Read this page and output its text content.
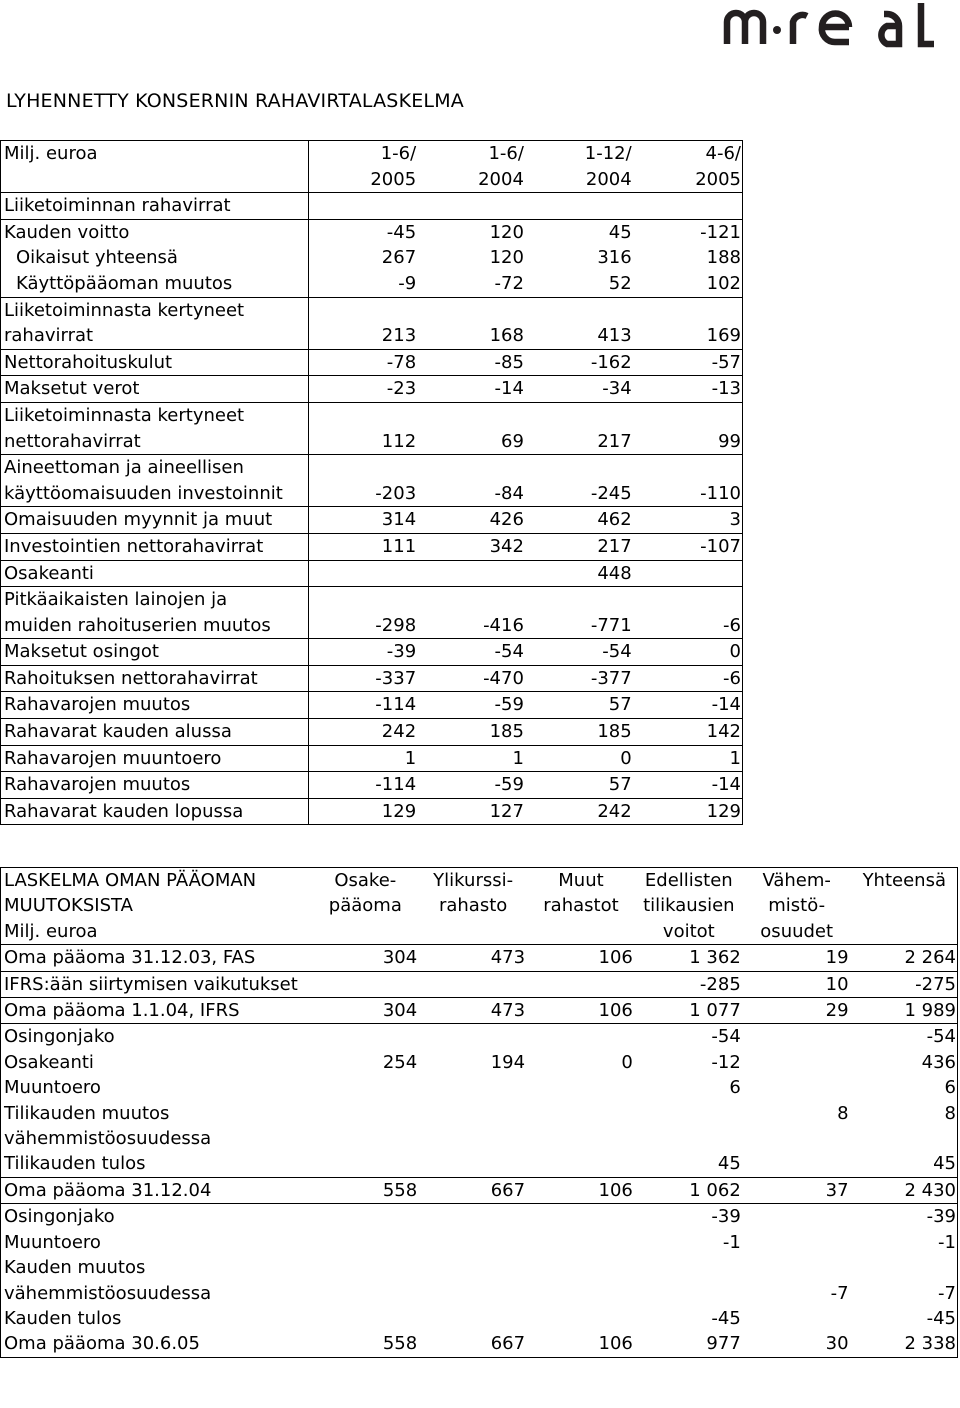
LYHENNETTY KONSERNIN RAHAVIRTALASKELMA
Milj. euroa	1-6/	1-6/	1-12/	4-6/
	2005	2004	2004	2005
Liiketoiminnan rahavirrat				
Kauden voitto	-45	120	45	-121
Oikaisut yhteensä	267	120	316	188
Käyttöpääoman muutos	-9	-72	52	102
Liiketoiminnasta kertyneet				
rahavirrat	213	168	413	169
Nettorahoituskulut	-78	-85	-162	-57
Maksetut verot	-23	-14	-34	-13
Liiketoiminnasta kertyneet				
nettorahavirrat	112	69	217	99
Aineettoman ja aineellisen				
käyttöomaisuuden investoinnit	-203	-84	-245	-110
Omaisuuden myynnit ja muut	314	426	462	3
Investointien nettorahavirrat	111	342	217	-107
Osakeanti			448	
Pitkäaikaisten lainojen ja				
muiden rahoituserien muutos	-298	-416	-771	-6
Maksetut osingot	-39	-54	-54	0
Rahoituksen nettorahavirrat	-337	-470	-377	-6
Rahavarojen muutos	-114	-59	57	-14
Rahavarat kauden alussa	242	185	185	142
Rahavarojen muuntoero	1	1	0	1
Rahavarojen muutos	-114	-59	57	-14
Rahavarat kauden lopussa	129	127	242	129
LASKELMA OMAN PÄÄOMAN	Osake-	Ylikurssi-	Muut	Edellisten	Vähem-	Yhteensä
MUUTOKSISTA	pääoma	rahasto	rahastot	tilikausien	mistö-	
Milj. euroa				voitot	osuudet	
Oma pääoma 31.12.03, FAS	304	473	106	1 362	19	2 264
IFRS:ään siirtymisen vaikutukset				-285	10	-275
Oma pääoma 1.1.04, IFRS	304	473	106	1 077	29	1 989

Osingonjako				-54		-54
Osakeanti	254	194	0	-12		436
Muuntoero				6		6
Tilikauden muutos					8	8
vähemmistöosuudessa						
Tilikauden tulos				45		45
Oma pääoma 31.12.04	558	667	106	1 062	37	2 430

Osingonjako				-39		-39
Muuntoero				-1		-1
Kauden muutos						
vähemmistöosuudessa					-7	-7
Kauden tulos				-45		-45
Oma pääoma 30.6.05	558	667	106	977	30	2 338
